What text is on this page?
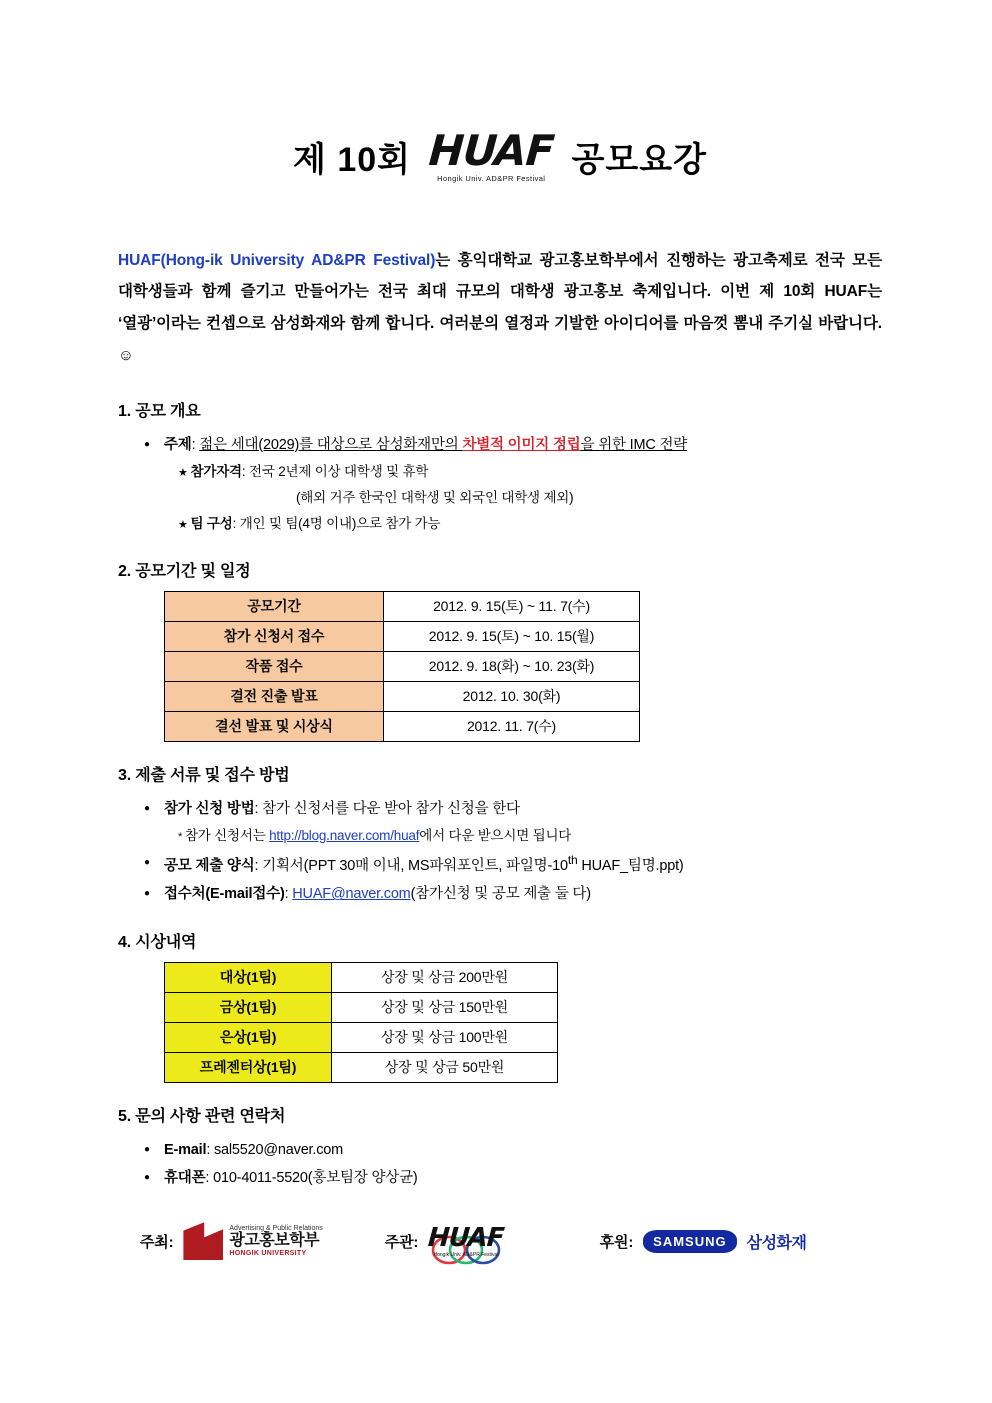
제 10회 HUAF
Hongik Univ. AD&PR Festival 공모요강

HUAF(Hong-ik University AD&PR Festival)는 홍익대학교 광고홍보학부에서 진행하는 광고축제로 전국 모든 대학생들과 함께 즐기고 만들어가는 전국 최대 규모의 대학생 광고홍보 축제입니다. 이번 제 10회 HUAF는 ‘열광’이라는 컨셉으로 삼성화재와 함께 합니다. 여러분의 열정과 기발한 아이디어를 마음껏 뽐내 주기실 바랍니다. ☺

1. 공모 개요
● 주제: 젊은 세대(2029)를 대상으로 삼성화재만의 차별적 이미지 정립을 위한 IMC 전략
★ 참가자격: 전국 2년제 이상 대학생 및 휴학
(해외 거주 한국인 대학생 및 외국인 대학생 제외)
★ 팀 구성: 개인 및 팀(4명 이내)으로 참가 가능
2. 공모기간 및 일정
공모기간	2012. 9. 15(토) ~ 11. 7(수)
참가 신청서 접수	2012. 9. 15(토) ~ 10. 15(월)
작품 접수	2012. 9. 18(화) ~ 10. 23(화)
결전 진출 발표	2012. 10. 30(화)
결선 발표 및 시상식	2012. 11. 7(수)
3. 제출 서류 및 접수 방법
● 참가 신청 방법: 참가 신청서를 다운 받아 참가 신청을 한다
* 참가 신청서는 http://blog.naver.com/huaf에서 다운 받으시면 됩니다
● 공모 제출 양식: 기획서(PPT 30매 이내, MS파워포인트, 파일명-10th HUAF_팀명.ppt)
● 접수처(E-mail접수): HUAF@naver.com(참가신청 및 공모 제출 둘 다)
4. 시상내역
대상(1팀)	상장 및 상금 200만원
금상(1팀)	상장 및 상금 150만원
은상(1팀)	상장 및 상금 100만원
프레젠터상(1팀)	상장 및 상금 50만원
5. 문의 사항 관련 연락처
● E-mail: sal5520@naver.com
● 휴대폰: 010-4011-5520(홍보팀장 양상균)
주최:
Advertising & Public Relations
광고홍보학부
HONGIK UNIVERSITY
주관: HUAF
Hongik Univ. AD&PR Festival
후원:	SAMSUNG	삼성화재
